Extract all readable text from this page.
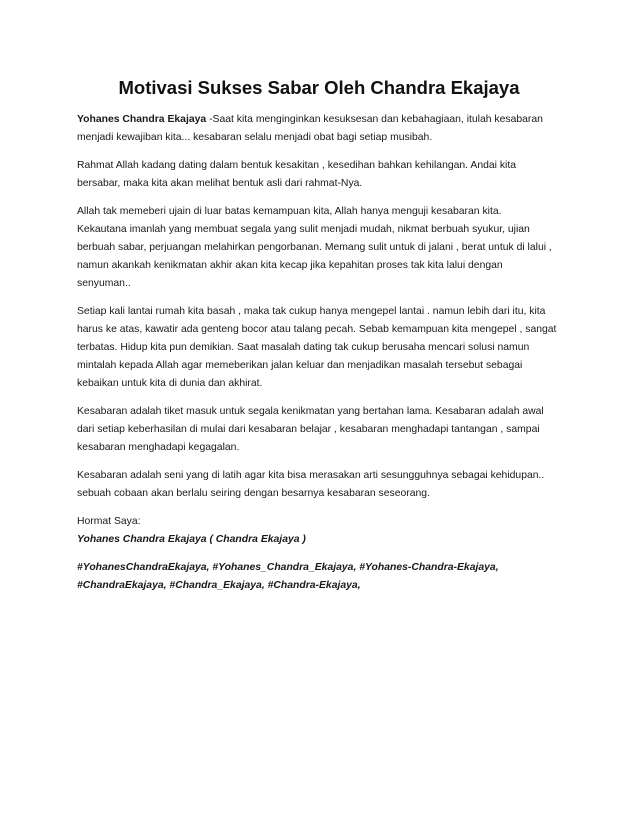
Motivasi Sukses Sabar Oleh Chandra Ekajaya
Yohanes Chandra Ekajaya -Saat kita menginginkan kesuksesan dan kebahagiaan, itulah kesabaran
menjadi kewajiban kita... kesabaran selalu menjadi obat bagi setiap musibah.
Rahmat Allah kadang dating dalam bentuk kesakitan , kesedihan bahkan kehilangan. Andai kita
bersabar, maka kita akan melihat bentuk asli dari rahmat-Nya.
Allah tak memeberi ujain di luar batas kemampuan kita, Allah hanya menguji kesabaran kita.
Kekautana imanlah yang membuat segala yang sulit menjadi mudah, nikmat berbuah syukur, ujian
berbuah sabar, perjuangan melahirkan pengorbanan. Memang sulit untuk di jalani , berat untuk di lalui ,
namun akankah kenikmatan akhir akan kita kecap jika kepahitan proses tak kita lalui dengan
senyuman..
Setiap kali lantai rumah kita basah , maka tak cukup hanya mengepel lantai . namun lebih dari itu, kita
harus ke atas, kawatir ada genteng bocor atau talang pecah. Sebab kemampuan kita mengepel , sangat
terbatas. Hidup kita pun demikian. Saat masalah dating tak cukup berusaha mencari solusi namun
mintalah kepada Allah agar memeberikan jalan keluar dan menjadikan masalah tersebut sebagai
kebaikan untuk kita di dunia dan akhirat.
Kesabaran adalah tiket masuk untuk segala kenikmatan yang bertahan lama. Kesabaran adalah awal
dari setiap keberhasilan di mulai dari kesabaran belajar , kesabaran menghadapi tantangan , sampai
kesabaran menghadapi kegagalan.
Kesabaran adalah seni yang di latih agar kita bisa merasakan arti sesungguhnya sebagai kehidupan..
sebuah cobaan akan berlalu seiring dengan besarnya kesabaran seseorang.
Hormat Saya:
Yohanes Chandra Ekajaya ( Chandra Ekajaya )
#YohanesChandraEkajaya, #Yohanes_Chandra_Ekajaya, #Yohanes-Chandra-Ekajaya,
#ChandraEkajaya, #Chandra_Ekajaya, #Chandra-Ekajaya,
